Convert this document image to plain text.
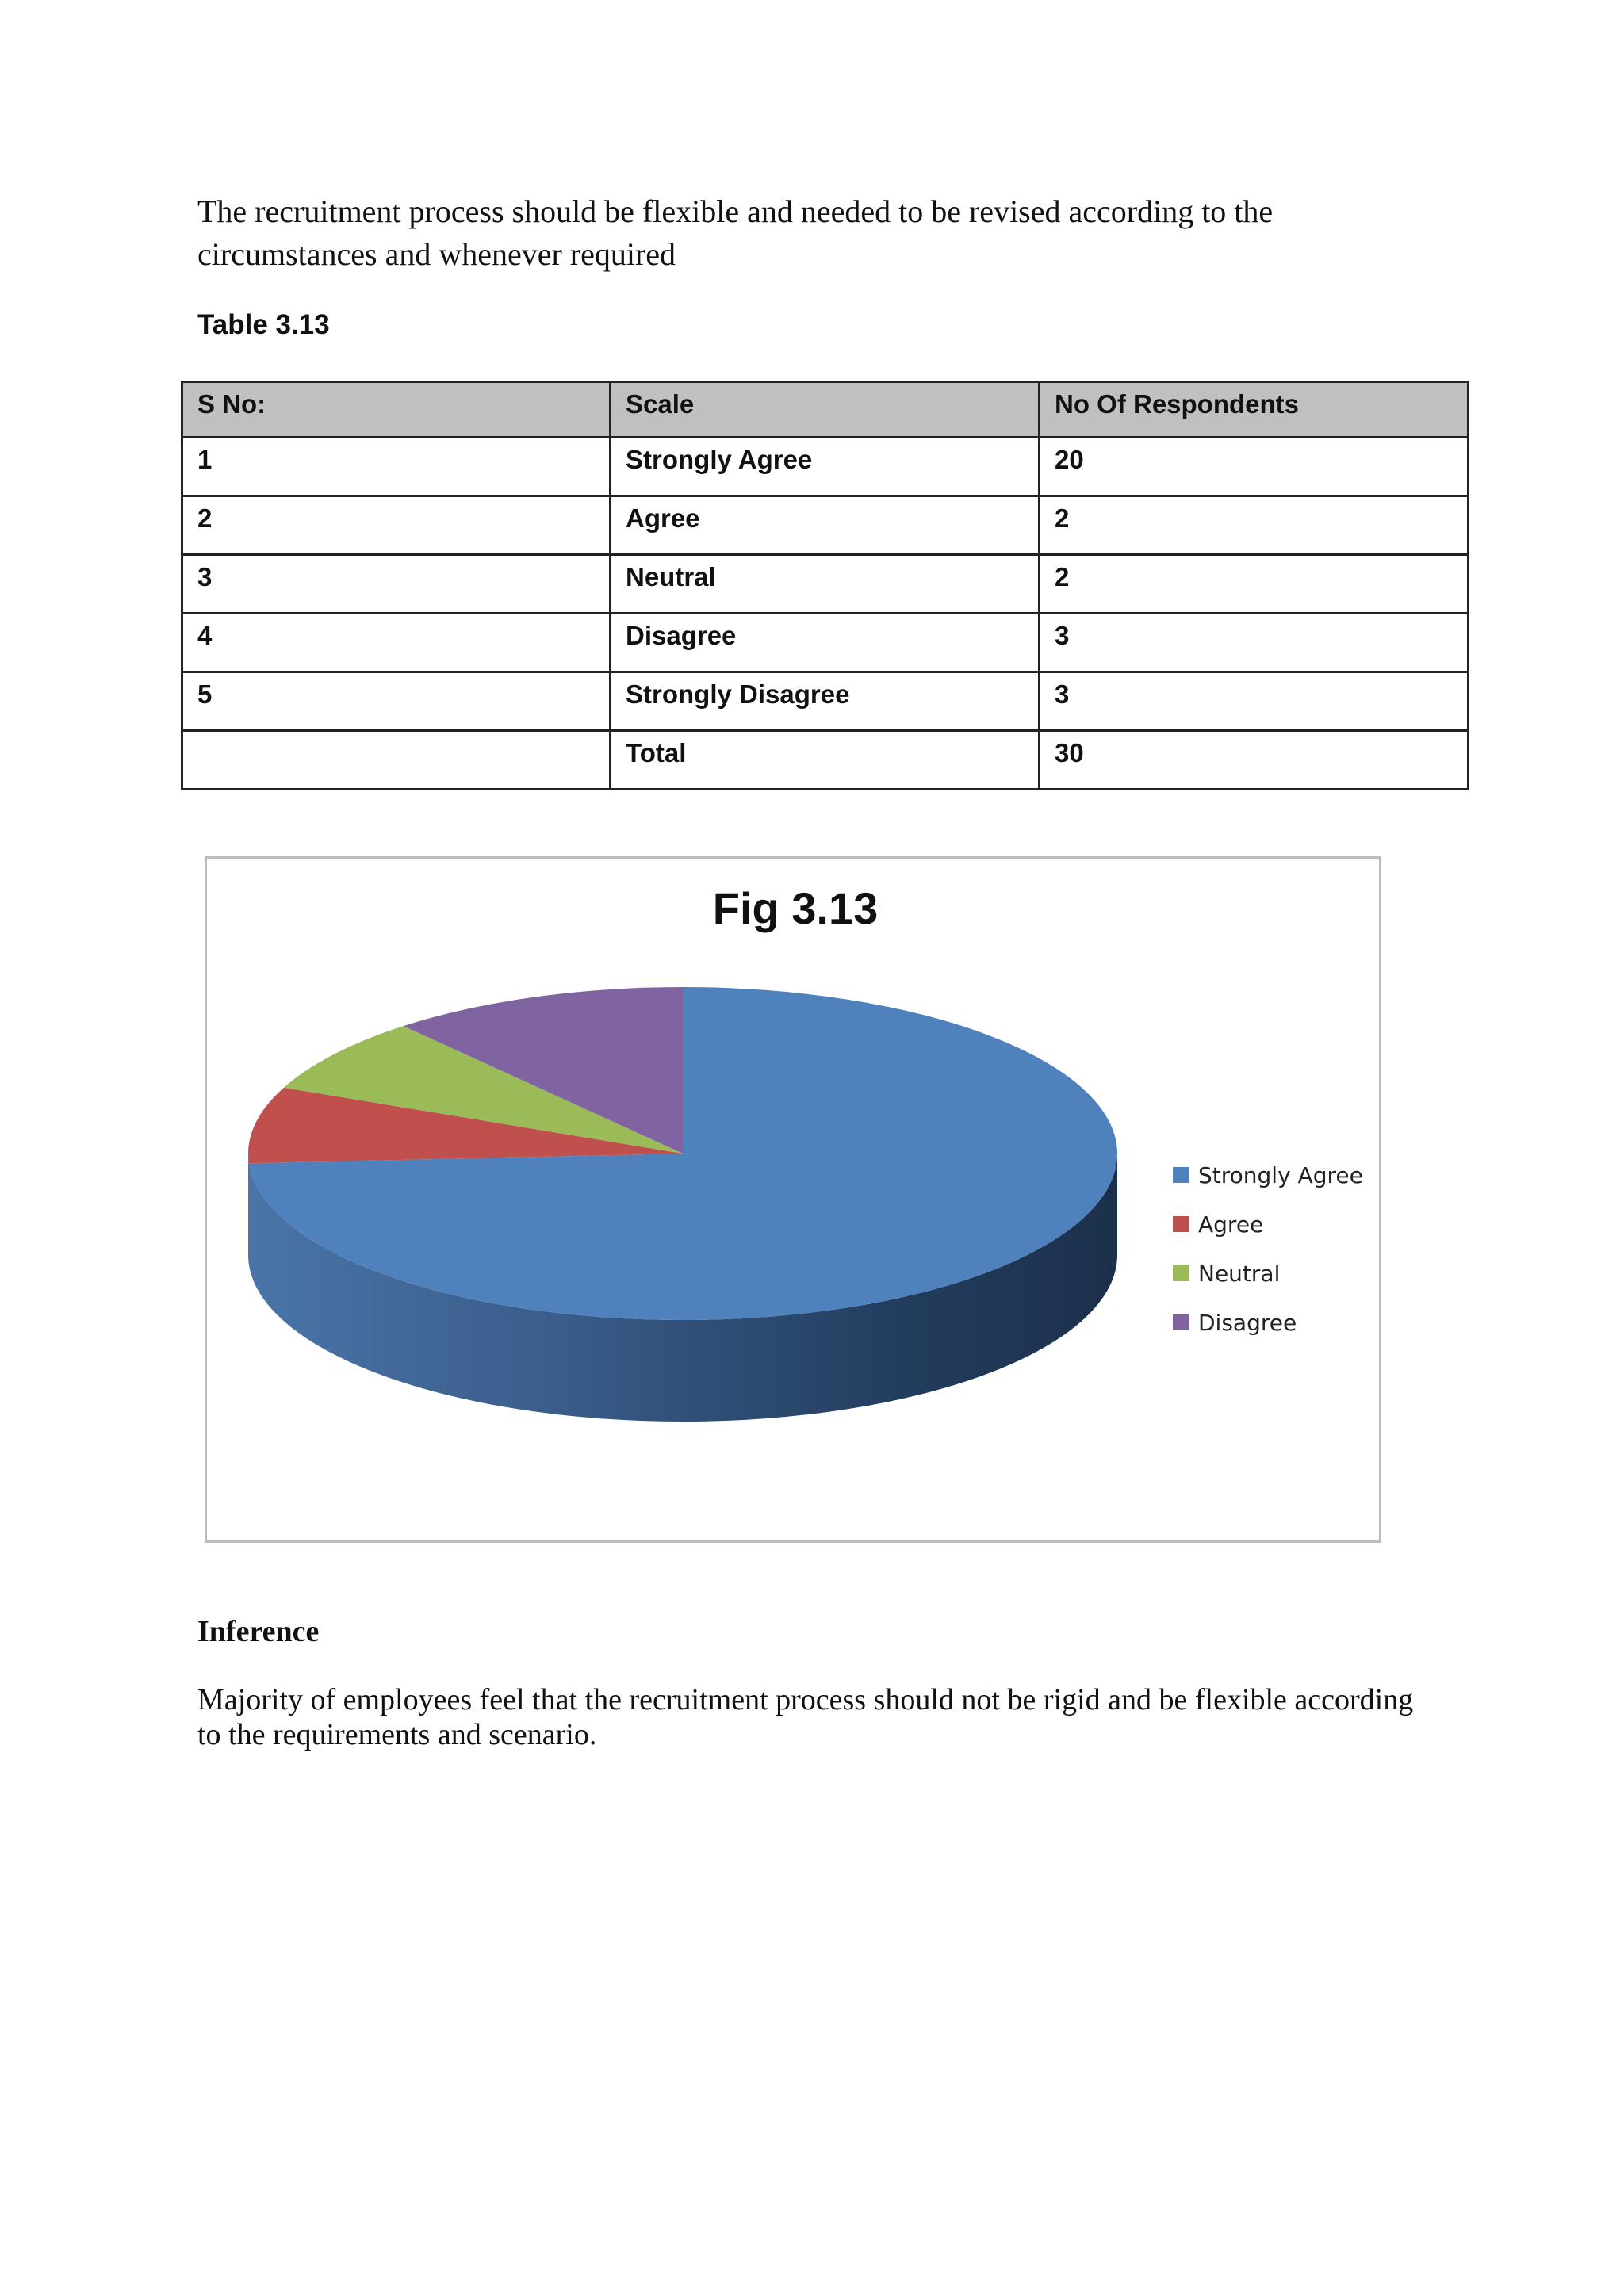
The recruitment process should be flexible and needed to be revised according to the circumstances and whenever required

Table 3.13
S No:	Scale	No Of Respondents
1	Strongly Agree	20
2	Agree	2
3	Neutral	2
4	Disagree	3
5	Strongly Disagree	3
	Total	30
Fig 3.13
Strongly Agree
Agree
Neutral
Disagree

Inference

Majority of employees feel that the recruitment process should not be rigid and be flexible according to the requirements and scenario.
